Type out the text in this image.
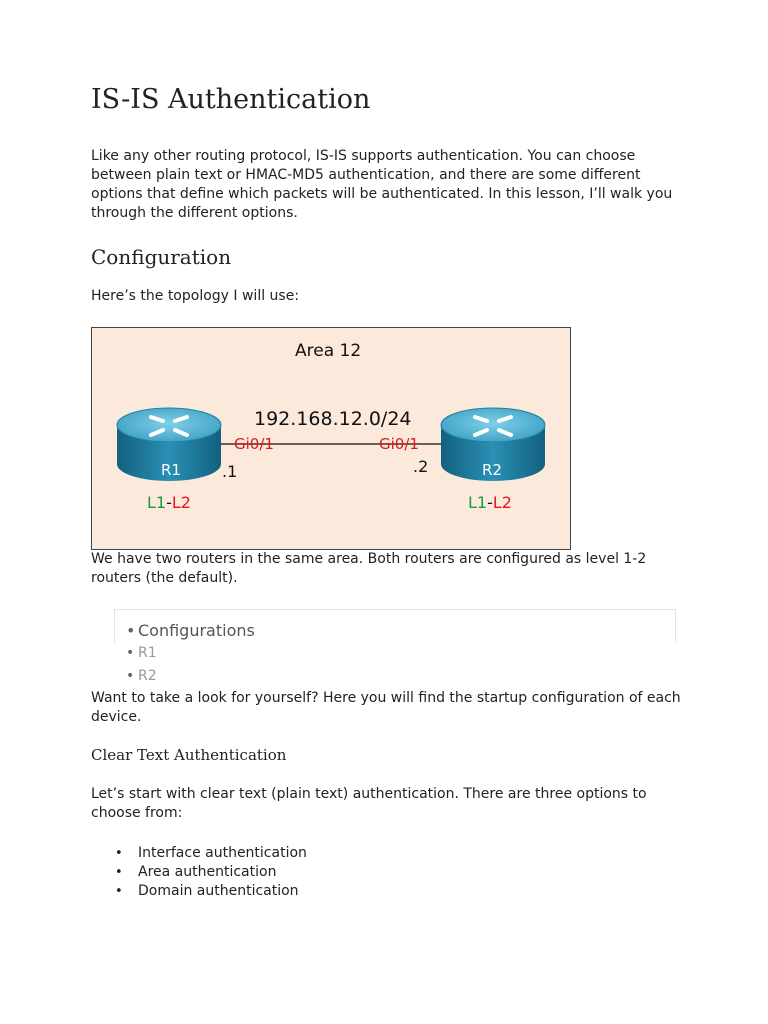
IS-IS Authentication

Like any other routing protocol, IS-IS supports authentication. You can choose between plain text or HMAC-MD5 authentication, and there are some different options that define which packets will be authenticated. In this lesson, I’ll walk you through the different options.

Configuration

Here’s the topology I will use:

Area 12
192.168.12.0/24
R1
Gi0/1
.1
L1-L2
R2
Gi0/1
.2
L1-L2

We have two routers in the same area. Both routers are configured as level 1-2 routers (the default).

• Configurations
• R1
• R2

Want to take a look for yourself? Here you will find the startup configuration of each device.

Clear Text Authentication

Let’s start with clear text (plain text) authentication. There are three options to choose from:

• Interface authentication
• Area authentication
• Domain authentication
